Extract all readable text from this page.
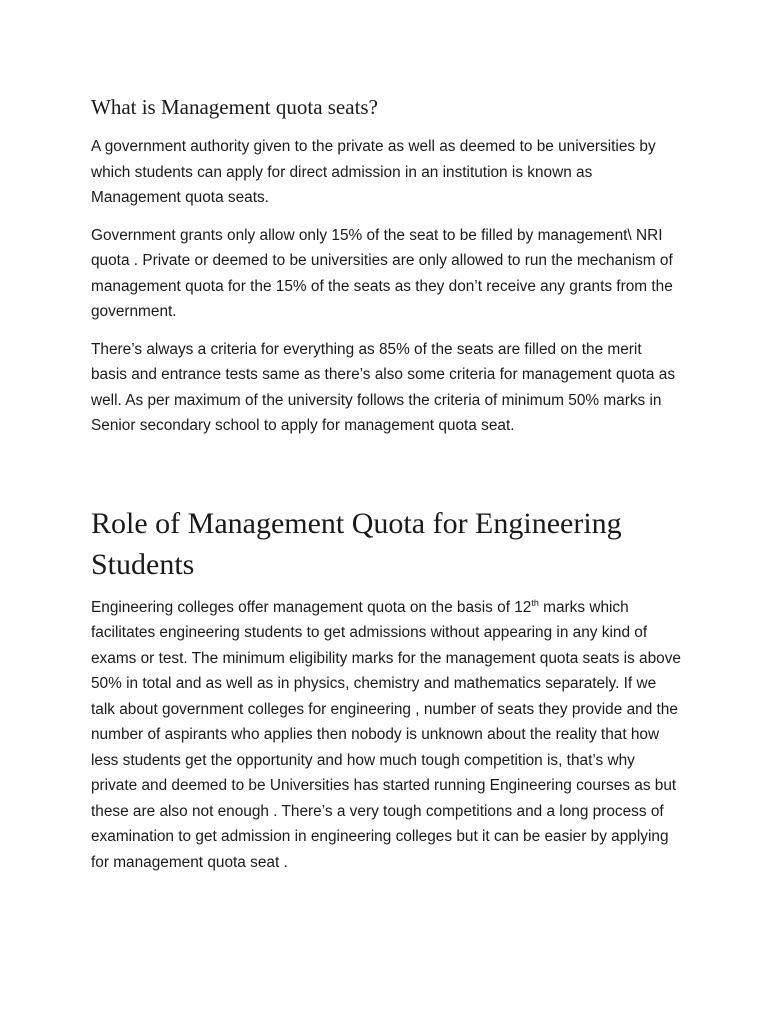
What is Management quota seats?

A government authority given to the private as well as deemed to be universities by which students can apply for direct admission in an institution is known as Management quota seats.

Government grants only allow only 15% of the seat to be filled by management\ NRI quota . Private or deemed to be universities are only allowed to run the mechanism of management quota for the 15% of the seats as they don’t receive any grants from the government.

There’s always a criteria for everything as 85% of the seats are filled on the merit basis and entrance tests same as there’s also some criteria for management quota as well. As per maximum of the university follows the criteria of minimum 50% marks in Senior secondary school to apply for management quota seat.

Role of Management Quota for Engineering Students

Engineering colleges offer management quota on the basis of 12th marks which facilitates engineering students to get admissions without appearing in any kind of exams or test. The minimum eligibility marks for the management quota seats is above 50% in total and as well as in physics, chemistry and mathematics separately. If we talk about government colleges for engineering , number of seats they provide and the number of aspirants who applies then nobody is unknown about the reality that how less students get the opportunity and how much tough competition is, that’s why private and deemed to be Universities has started running Engineering courses as but these are also not enough . There’s a very tough competitions and a long process of examination to get admission in engineering colleges but it can be easier by applying for management quota seat .
